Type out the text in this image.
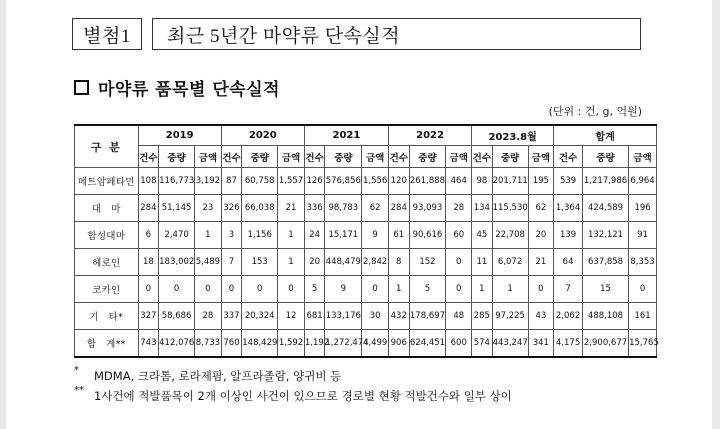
별첨1	최근 5년간 마약류 단속실적
마약류 품목별 단속실적
(단위 : 건, g, 억원)
구 분	2019			2020			2021			2022			2023.8월			합계		
	건수	중량	금액	건수	중량	금액	건수	중량	금액	건수	중량	금액	건수	중량	금액	건수	중량	금액
메트암페타민	108	116,773	3,192	87	60,758	1,557	126	576,856	1,556	120	261,888	464	98	201,711	195	539	1,217,986	6,964
대　마	284	51,145	23	326	66,038	21	336	98,783	62	284	93,093	28	134	115,530	62	1,364	424,589	196
합성대마	6	2,470	1	3	1,156	1	24	15,171	9	61	90,616	60	45	22,708	20	139	132,121	91
헤로인	18	183,002	5,489	7	153	1	20	448,479	2,842	8	152	0	11	6,072	21	64	637,858	8,353
코카인	0	0	0	0	0	0	5	9	0	1	5	0	1	1	0	7	15	0
기　타*	327	58,686	28	337	20,324	12	681	133,176	30	432	178,697	48	285	97,225	43	2,062	488,108	161
합　계**	743	412,076	8,733	760	148,429	1,592	1,192	1,272,474	4,499	906	624,451	600	574	443,247	341	4,175	2,900,677	15,765
* MDMA, 크라톰, 로라제팜, 알프라졸람, 양귀비 등
** 1사건에 적발품목이 2개 이상인 사건이 있으므로 경로별 현황 적발건수와 일부 상이
